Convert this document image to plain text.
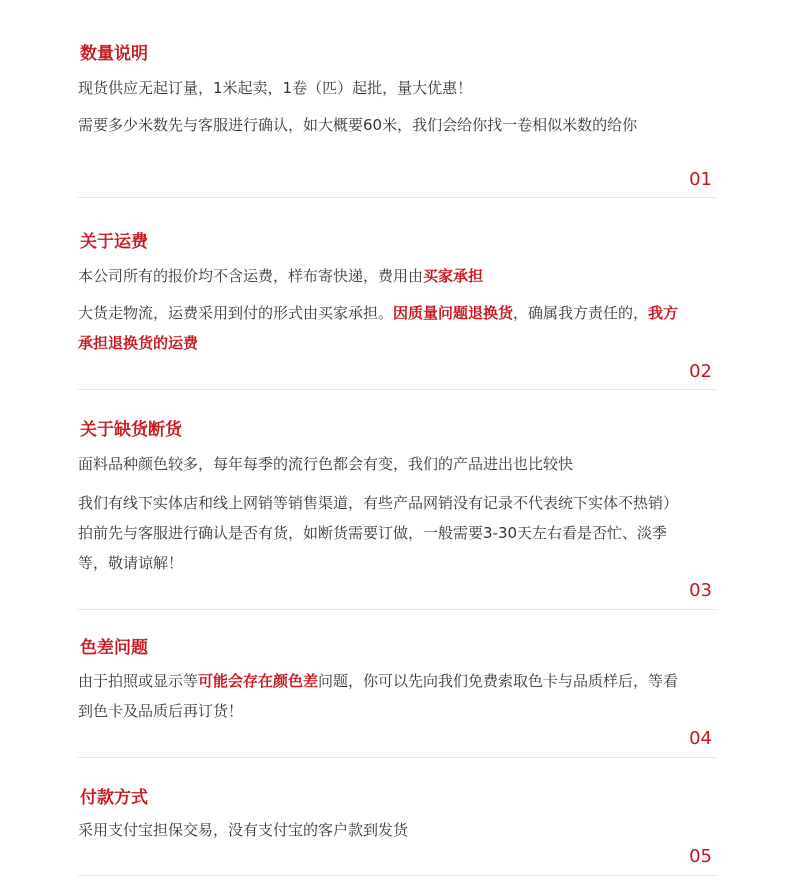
数量说明
现货供应无起订量，1米起卖，1卷（匹）起批，量大优惠！
需要多少米数先与客服进行确认，如大概要60米，我们会给你找一卷相似米数的给你
01
关于运费
本公司所有的报价均不含运费，样布寄快递，费用由买家承担
大货走物流，运费采用到付的形式由买家承担。因质量问题退换货，确属我方责任的，我方承担退换货的运费
02
关于缺货断货
面料品种颜色较多，每年每季的流行色都会有变，我们的产品进出也比较快
我们有线下实体店和线上网销等销售渠道，有些产品网销没有记录不代表统下实体不热销）拍前先与客服进行确认是否有货，如断货需要订做，一般需要3-30天左右看是否忙、淡季等，敬请谅解！
03
色差问题
由于拍照或显示等可能会存在颜色差问题，你可以先向我们免费索取色卡与品质样后，等看到色卡及品质后再订货！
04
付款方式
采用支付宝担保交易，没有支付宝的客户款到发货
05
